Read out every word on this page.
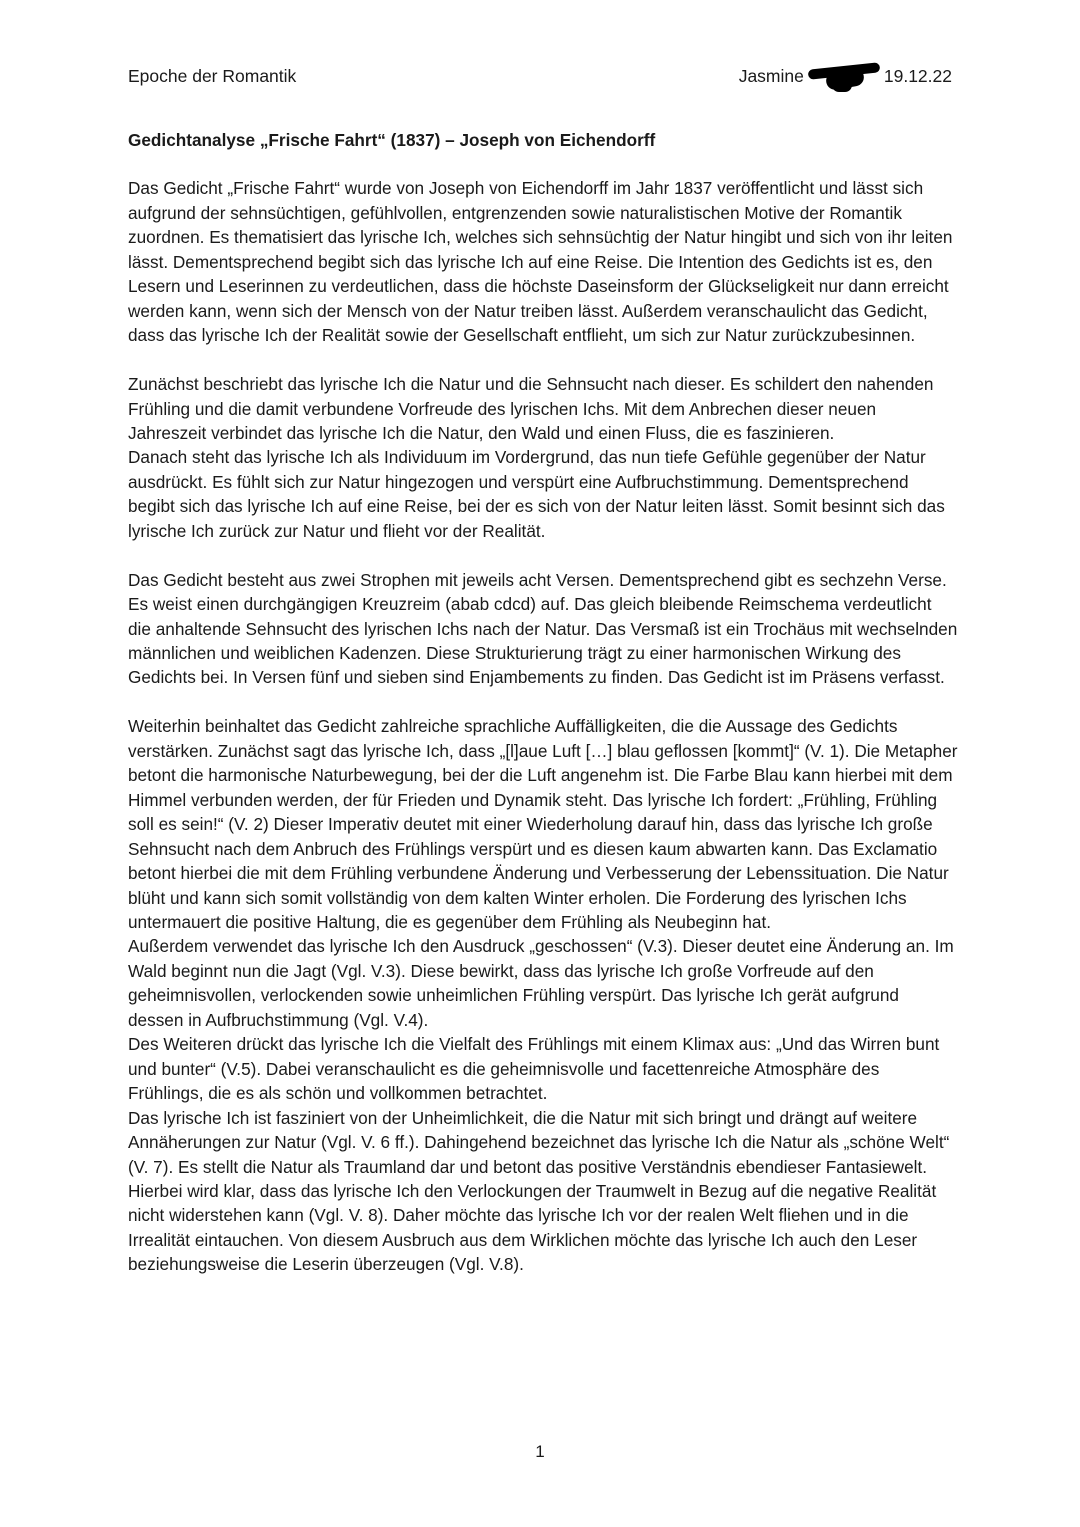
Epoche der Romantik	Jasmine	19.12.22

Gedichtanalyse „Frische Fahrt“ (1837) – Joseph von Eichendorff

Das Gedicht „Frische Fahrt“ wurde von Joseph von Eichendorff im Jahr 1837 veröffentlicht und lässt sich aufgrund der sehnsüchtigen, gefühlvollen, entgrenzenden sowie naturalistischen Motive der Romantik zuordnen. Es thematisiert das lyrische Ich, welches sich sehnsüchtig der Natur hingibt und sich von ihr leiten lässt. Dementsprechend begibt sich das lyrische Ich auf eine Reise. Die Intention des Gedichts ist es, den Lesern und Leserinnen zu verdeutlichen, dass die höchste Daseinsform der Glückseligkeit nur dann erreicht werden kann, wenn sich der Mensch von der Natur treiben lässt. Außerdem veranschaulicht das Gedicht, dass das lyrische Ich der Realität sowie der Gesellschaft entflieht, um sich zur Natur zurückzubesinnen.

Zunächst beschriebt das lyrische Ich die Natur und die Sehnsucht nach dieser. Es schildert den nahenden Frühling und die damit verbundene Vorfreude des lyrischen Ichs. Mit dem Anbrechen dieser neuen Jahreszeit verbindet das lyrische Ich die Natur, den Wald und einen Fluss, die es faszinieren.

Danach steht das lyrische Ich als Individuum im Vordergrund, das nun tiefe Gefühle gegenüber der Natur ausdrückt. Es fühlt sich zur Natur hingezogen und verspürt eine Aufbruchstimmung. Dementsprechend begibt sich das lyrische Ich auf eine Reise, bei der es sich von der Natur leiten lässt. Somit besinnt sich das lyrische Ich zurück zur Natur und flieht vor der Realität.

Das Gedicht besteht aus zwei Strophen mit jeweils acht Versen. Dementsprechend gibt es sechzehn Verse. Es weist einen durchgängigen Kreuzreim (abab cdcd) auf. Das gleich bleibende Reimschema verdeutlicht die anhaltende Sehnsucht des lyrischen Ichs nach der Natur. Das Versmaß ist ein Trochäus mit wechselnden männlichen und weiblichen Kadenzen. Diese Strukturierung trägt zu einer harmonischen Wirkung des Gedichts bei. In Versen fünf und sieben sind Enjambements zu finden. Das Gedicht ist im Präsens verfasst.

Weiterhin beinhaltet das Gedicht zahlreiche sprachliche Auffälligkeiten, die die Aussage des Gedichts verstärken. Zunächst sagt das lyrische Ich, dass „[l]aue Luft […] blau geflossen [kommt]“ (V. 1). Die Metapher betont die harmonische Naturbewegung, bei der die Luft angenehm ist. Die Farbe Blau kann hierbei mit dem Himmel verbunden werden, der für Frieden und Dynamik steht. Das lyrische Ich fordert: „Frühling, Frühling soll es sein!“ (V. 2) Dieser Imperativ deutet mit einer Wiederholung darauf hin, dass das lyrische Ich große Sehnsucht nach dem Anbruch des Frühlings verspürt und es diesen kaum abwarten kann. Das Exclamatio betont hierbei die mit dem Frühling verbundene Änderung und Verbesserung der Lebenssituation. Die Natur blüht und kann sich somit vollständig von dem kalten Winter erholen. Die Forderung des lyrischen Ichs untermauert die positive Haltung, die es gegenüber dem Frühling als Neubeginn hat.

Außerdem verwendet das lyrische Ich den Ausdruck „geschossen“ (V.3). Dieser deutet eine Änderung an. Im Wald beginnt nun die Jagt (Vgl. V.3). Diese bewirkt, dass das lyrische Ich große Vorfreude auf den geheimnisvollen, verlockenden sowie unheimlichen Frühling verspürt. Das lyrische Ich gerät aufgrund dessen in Aufbruchstimmung (Vgl. V.4).

Des Weiteren drückt das lyrische Ich die Vielfalt des Frühlings mit einem Klimax aus: „Und das Wirren bunt und bunter“ (V.5). Dabei veranschaulicht es die geheimnisvolle und facettenreiche Atmosphäre des Frühlings, die es als schön und vollkommen betrachtet.

Das lyrische Ich ist fasziniert von der Unheimlichkeit, die die Natur mit sich bringt und drängt auf weitere Annäherungen zur Natur (Vgl. V. 6 ff.). Dahingehend bezeichnet das lyrische Ich die Natur als „schöne Welt“ (V. 7). Es stellt die Natur als Traumland dar und betont das positive Verständnis ebendieser Fantasiewelt. Hierbei wird klar, dass das lyrische Ich den Verlockungen der Traumwelt in Bezug auf die negative Realität nicht widerstehen kann (Vgl. V. 8). Daher möchte das lyrische Ich vor der realen Welt fliehen und in die Irrealität eintauchen. Von diesem Ausbruch aus dem Wirklichen möchte das lyrische Ich auch den Leser beziehungsweise die Leserin überzeugen (Vgl. V.8).

1
